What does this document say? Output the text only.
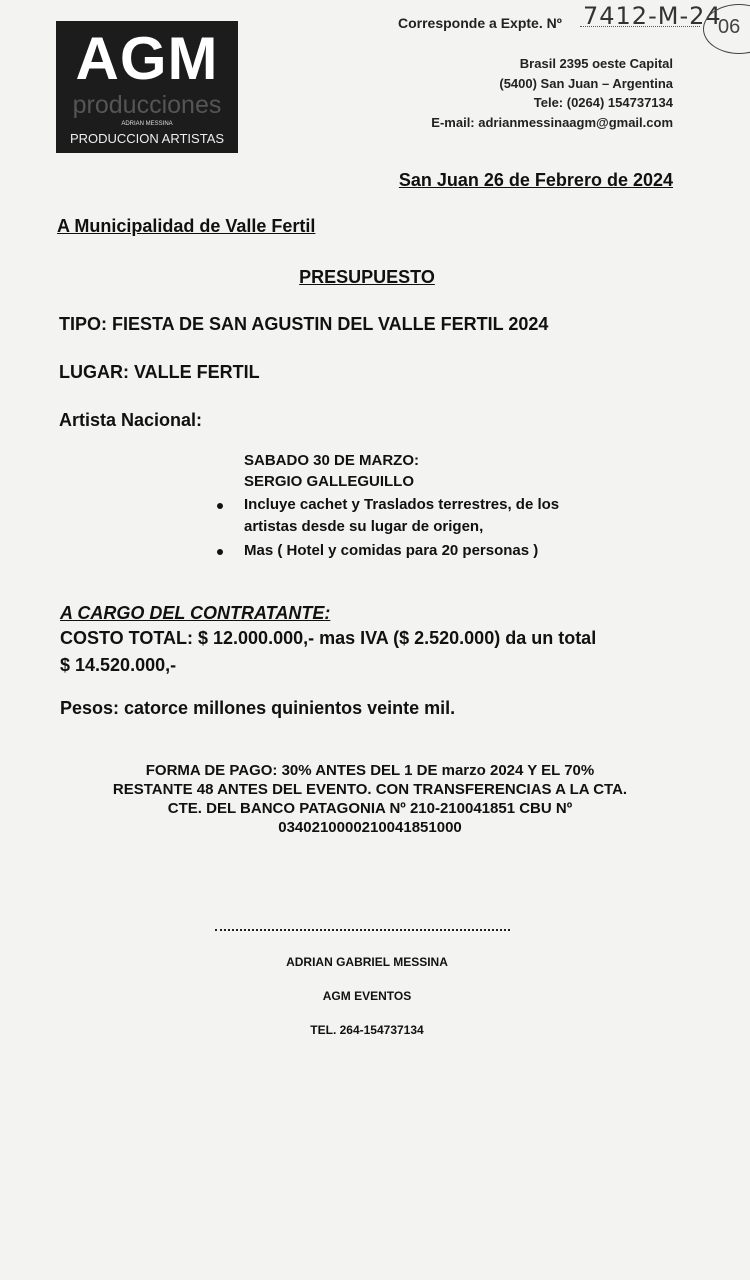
AGM
producciones
ADRIAN MESSINA
PRODUCCION ARTISTAS
Corresponde a Expte. Nº 7412-M-24
06
Brasil 2395 oeste Capital
(5400) San Juan – Argentina
Tele: (0264) 154737134
E-mail: adrianmessinaagm@gmail.com
San Juan 26 de Febrero de 2024
A Municipalidad de Valle Fertil
PRESUPUESTO
TIPO: FIESTA DE SAN AGUSTIN DEL VALLE FERTIL 2024
LUGAR: VALLE FERTIL
Artista Nacional:
SABADO 30 DE MARZO:
SERGIO GALLEGUILLO
Incluye cachet y Traslados terrestres, de los
artistas desde su lugar de origen,
Mas ( Hotel y comidas para 20 personas )
A CARGO DEL CONTRATANTE:
COSTO TOTAL: $ 12.000.000,- mas IVA ($ 2.520.000) da un total
$ 14.520.000,-
Pesos: catorce millones quinientos veinte mil.
FORMA DE PAGO: 30% ANTES DEL 1 DE marzo 2024 Y EL 70%
RESTANTE 48 ANTES DEL EVENTO. CON TRANSFERENCIAS A LA CTA.
CTE. DEL BANCO PATAGONIA Nº 210-210041851 CBU Nº
0340210000210041851000
ADRIAN GABRIEL MESSINA
AGM EVENTOS
TEL. 264-154737134
